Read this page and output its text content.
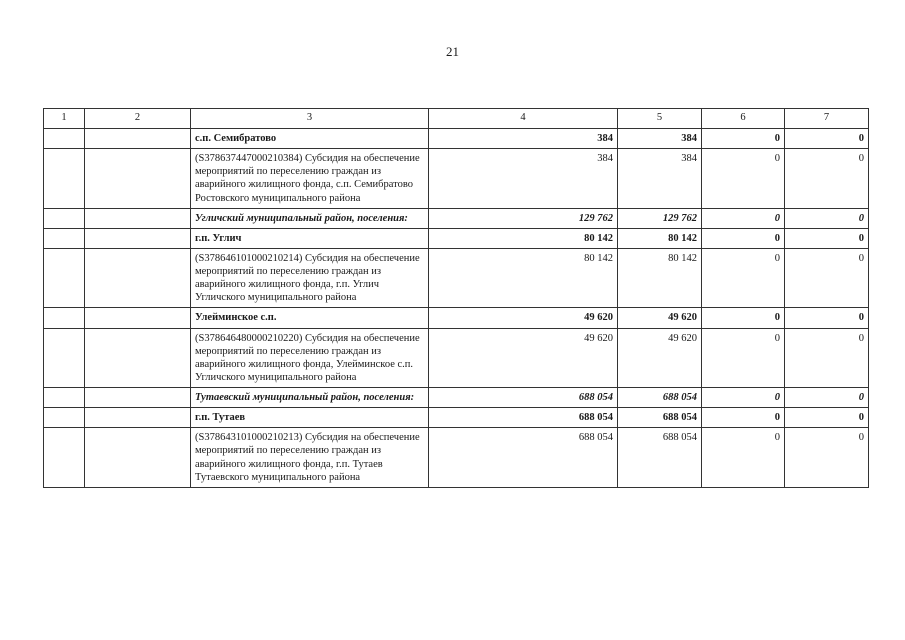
21
1	2	3	4	5	6	7
		с.п. Семибратово	384	384	0	0
		(S378637447000210384) Субсидия на обеспечение мероприятий по переселению граждан из аварийного жилищного фонда, с.п. Семибратово Ростовского муниципального района	384	384	0	0
		Угличский муниципальный район, поселения:	129 762	129 762	0	0
		г.п. Углич	80 142	80 142	0	0
		(S378646101000210214) Субсидия на обеспечение мероприятий по переселению граждан из аварийного жилищного фонда, г.п. Углич Угличского муниципального района	80 142	80 142	0	0
		Улейминское с.п.	49 620	49 620	0	0
		(S378646480000210220) Субсидия на обеспечение мероприятий по переселению граждан из аварийного жилищного фонда, Улейминское с.п. Угличского муниципального района	49 620	49 620	0	0
		Тутаевский муниципальный район, поселения:	688 054	688 054	0	0
		г.п. Тутаев	688 054	688 054	0	0
		(S378643101000210213) Субсидия на обеспечение мероприятий по переселению граждан из аварийного жилищного фонда, г.п. Тутаев Тутаевского муниципального района	688 054	688 054	0	0
